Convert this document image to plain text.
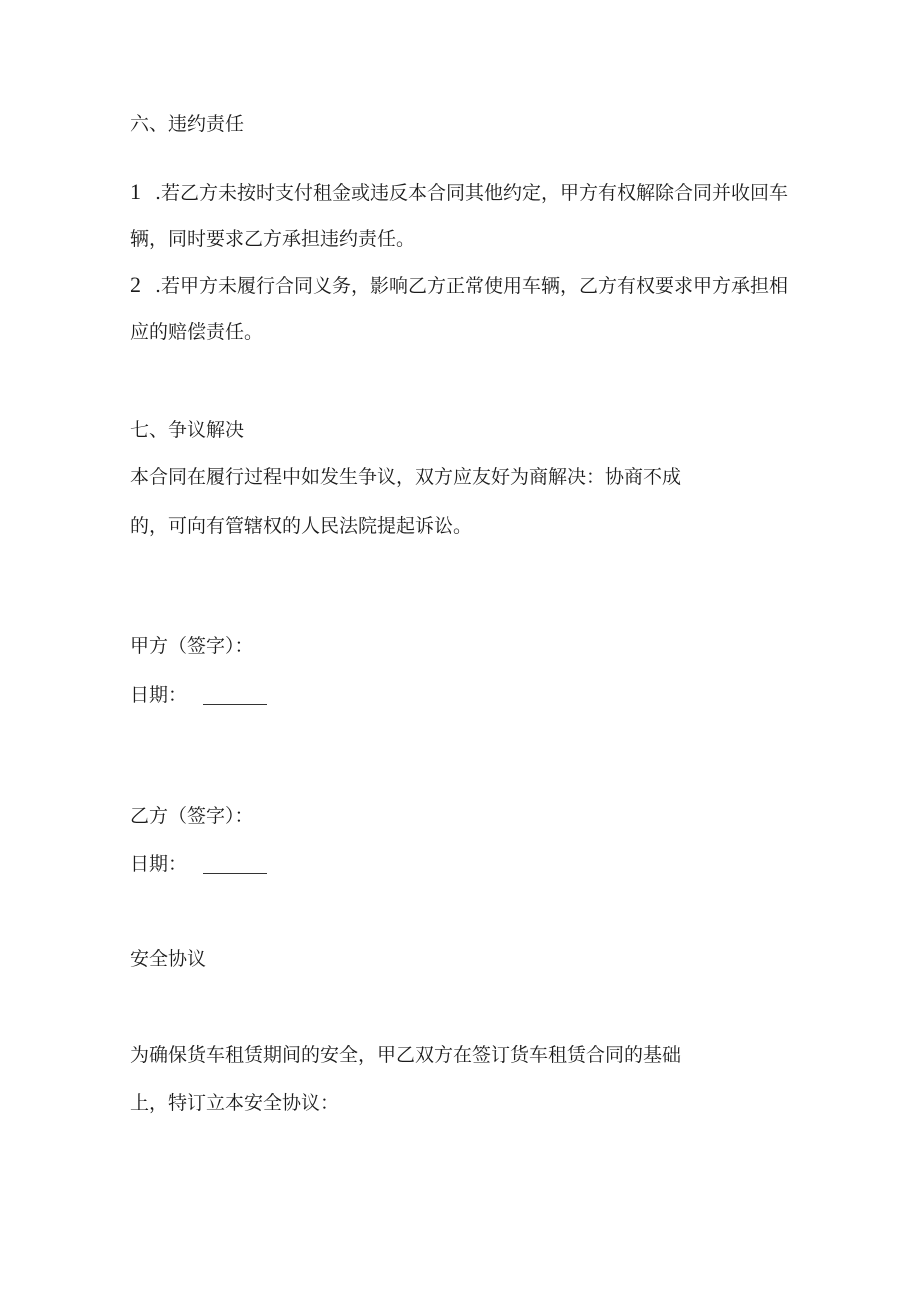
六、违约责任
1 .若乙方未按时支付租金或违反本合同其他约定，甲方有权解除合同并收回车
辆，同时要求乙方承担违约责任。
2 .若甲方未履行合同义务，影响乙方正常使用车辆，乙方有权要求甲方承担相
应的赔偿责任。
七、争议解决
本合同在履行过程中如发生争议，双方应友好为商解决：协商不成
的，可向有管辖权的人民法院提起诉讼。
甲方（签字）：
日期：
乙方（签字）：
日期：
安全协议
为确保货车租赁期间的安全，甲乙双方在签订货车租赁合同的基础
上，特订立本安全协议：
